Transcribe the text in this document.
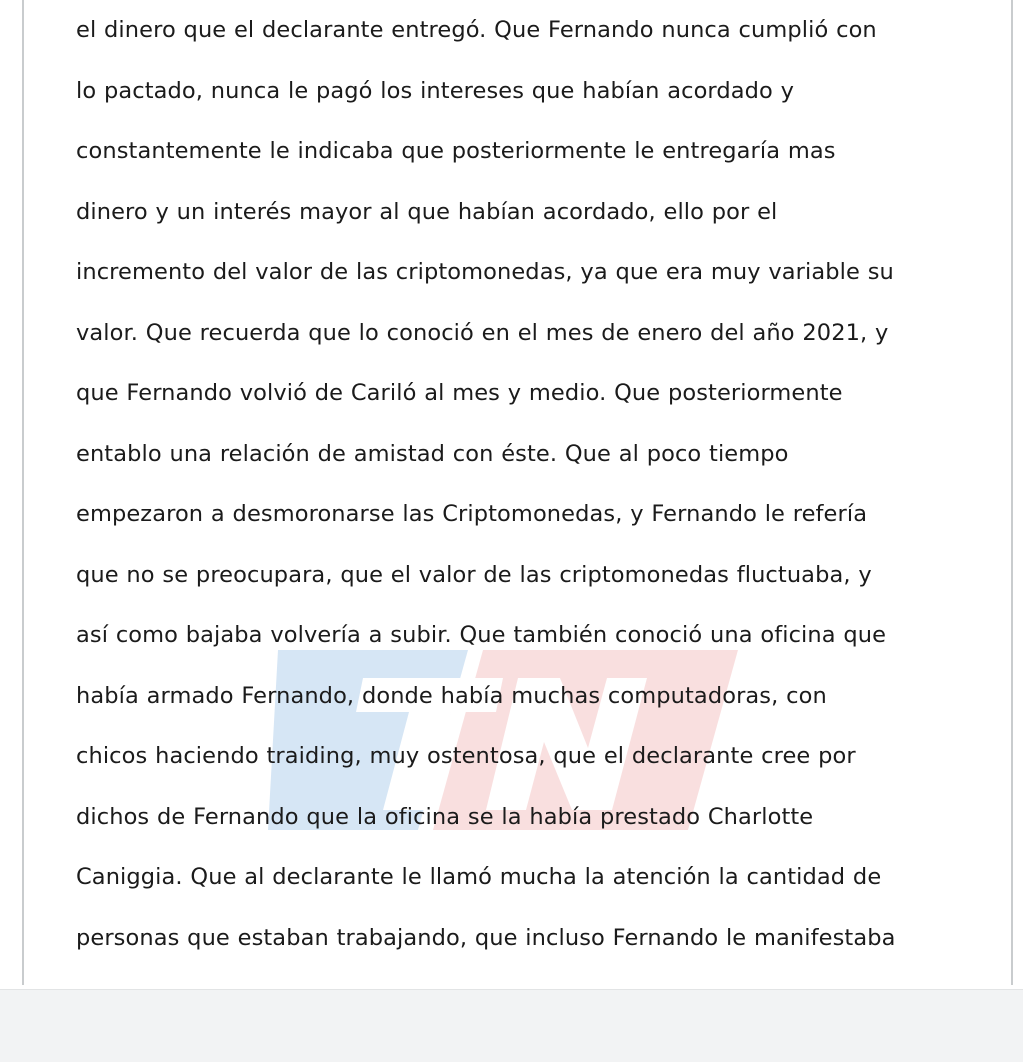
el dinero que el declarante entregó. Que Fernando nunca cumplió con

lo pactado, nunca le pagó los intereses que habían acordado y

constantemente le indicaba que posteriormente le entregaría mas

dinero y un interés mayor al que habían acordado, ello por el

incremento del valor de las criptomonedas, ya que era muy variable su

valor. Que recuerda que lo conoció en el mes de enero del año 2021, y

que Fernando volvió de Cariló al mes y medio. Que posteriormente

entablo una relación de amistad con éste. Que al poco tiempo

empezaron a desmoronarse las Criptomonedas, y Fernando le refería

que no se preocupara, que el valor de las criptomonedas fluctuaba, y

así como bajaba volvería a subir. Que también conoció una oficina que

había armado Fernando, donde había muchas computadoras, con

chicos haciendo traiding, muy ostentosa, que el declarante cree por

dichos de Fernando que la oficina se la había prestado Charlotte

Caniggia. Que al declarante le llamó mucha la atención la cantidad de

personas que estaban trabajando, que incluso Fernando le manifestaba
